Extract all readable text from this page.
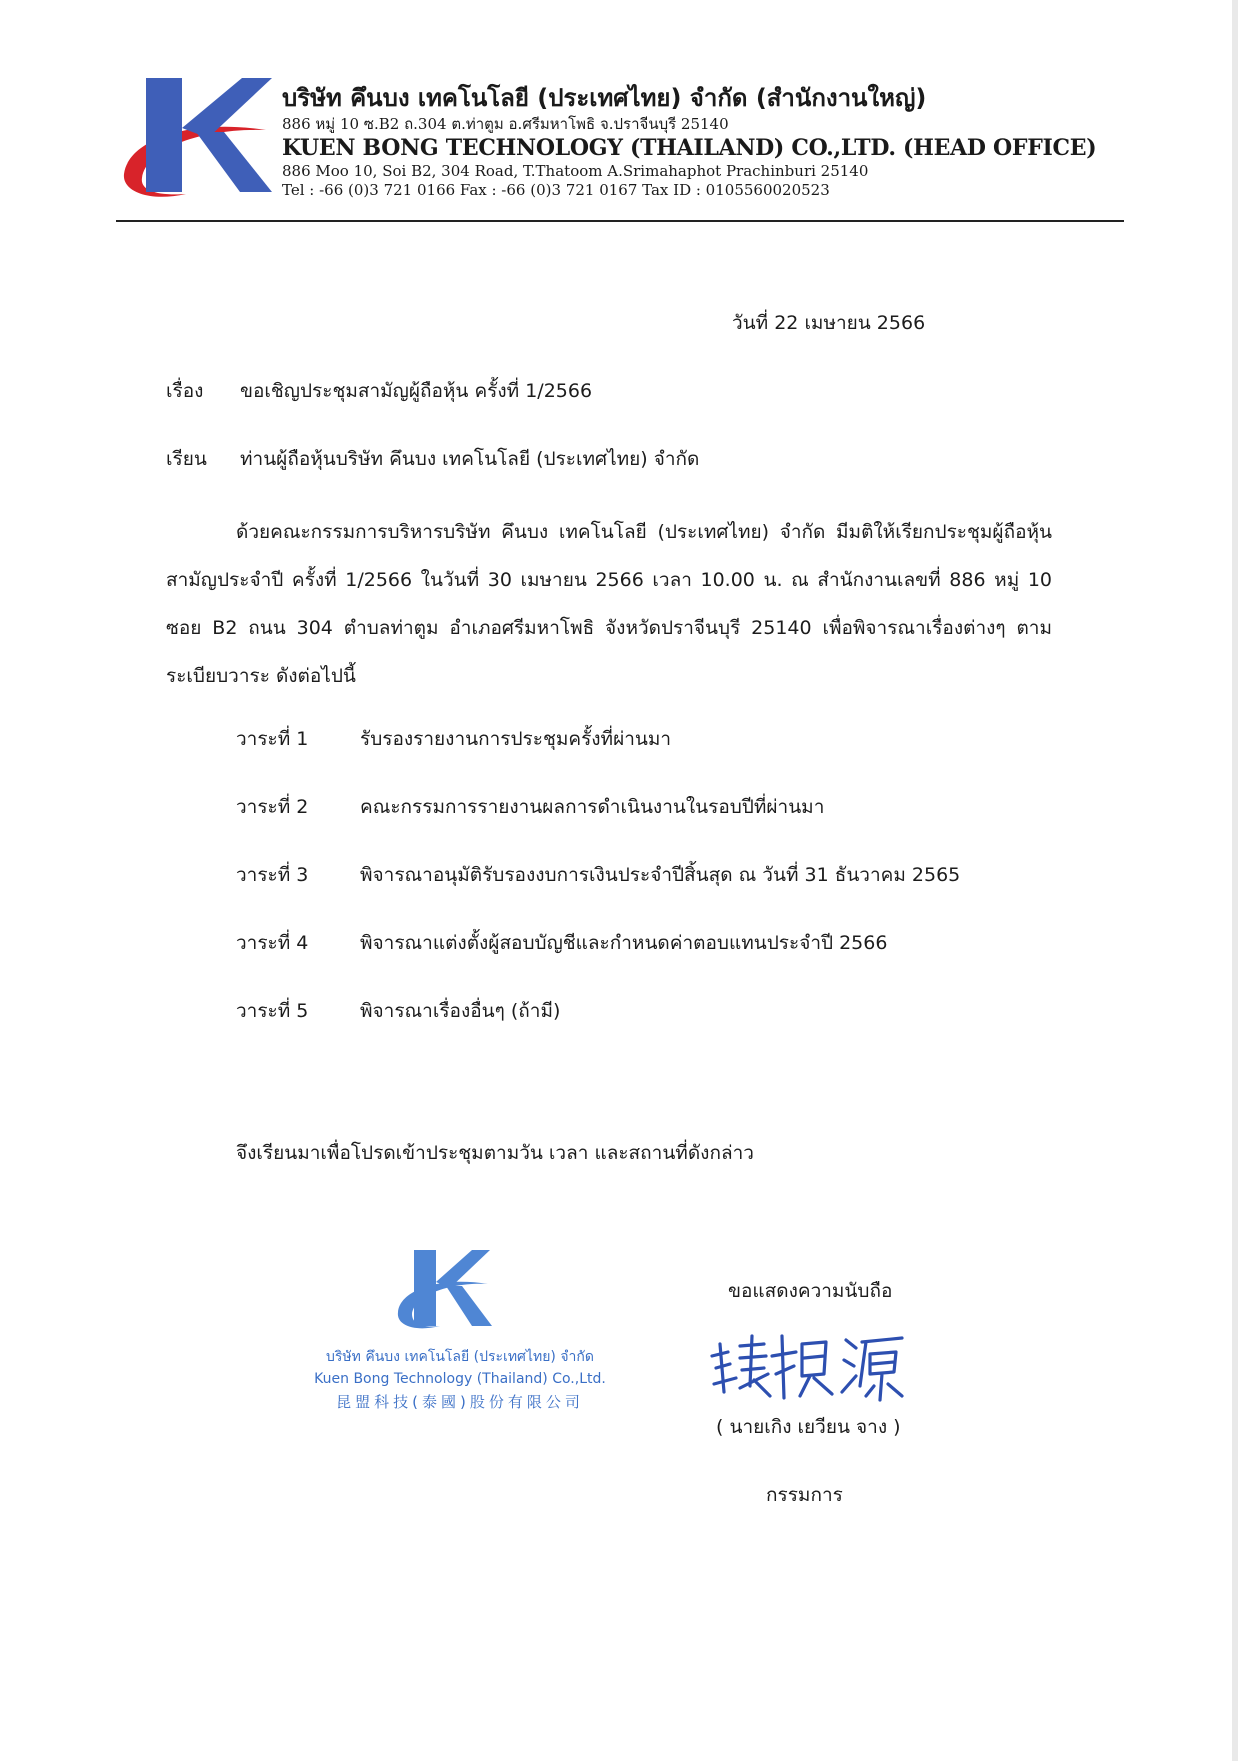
บริษัท คึนบง เทคโนโลยี (ประเทศไทย) จำกัด (สำนักงานใหญ่)
886 หมู่ 10 ซ.B2 ถ.304 ต.ท่าตูม อ.ศรีมหาโพธิ จ.ปราจีนบุรี 25140
KUEN BONG TECHNOLOGY (THAILAND) CO.,LTD. (HEAD OFFICE)
886 Moo 10, Soi B2, 304 Road, T.Thatoom A.Srimahaphot Prachinburi 25140
Tel : -66 (0)3 721 0166 Fax : -66 (0)3 721 0167 Tax ID : 0105560020523
วันที่ 22 เมษายน 2566
เรื่อง ขอเชิญประชุมสามัญผู้ถือหุ้น ครั้งที่ 1/2566
เรียน ท่านผู้ถือหุ้นบริษัท คึนบง เทคโนโลยี (ประเทศไทย) จำกัด
ด้วยคณะกรรมการบริหารบริษัท คึนบง เทคโนโลยี (ประเทศไทย) จำกัด มีมติให้เรียกประชุมผู้ถือหุ้นสามัญประจำปี ครั้งที่ 1/2566 ในวันที่ 30 เมษายน 2566 เวลา 10.00 น. ณ สำนักงานเลขที่ 886 หมู่ 10 ซอย B2 ถนน 304 ตำบลท่าตูม อำเภอศรีมหาโพธิ จังหวัดปราจีนบุรี 25140 เพื่อพิจารณาเรื่องต่างๆ ตามระเบียบวาระ ดังต่อไปนี้
วาระที่ 1	รับรองรายงานการประชุมครั้งที่ผ่านมา
วาระที่ 2	คณะกรรมการรายงานผลการดำเนินงานในรอบปีที่ผ่านมา
วาระที่ 3	พิจารณาอนุมัติรับรองงบการเงินประจำปีสิ้นสุด ณ วันที่ 31 ธันวาคม 2565
วาระที่ 4	พิจารณาแต่งตั้งผู้สอบบัญชีและกำหนดค่าตอบแทนประจำปี 2566
วาระที่ 5	พิจารณาเรื่องอื่นๆ (ถ้ามี)
จึงเรียนมาเพื่อโปรดเข้าประชุมตามวัน เวลา และสถานที่ดังกล่าว
บริษัท คึนบง เทคโนโลยี (ประเทศไทย) จำกัด
Kuen Bong Technology (Thailand) Co.,Ltd.
昆盟科技(泰國)股份有限公司
ขอแสดงความนับถือ
( นายเกิง เยวียน จาง )
กรรมการ
